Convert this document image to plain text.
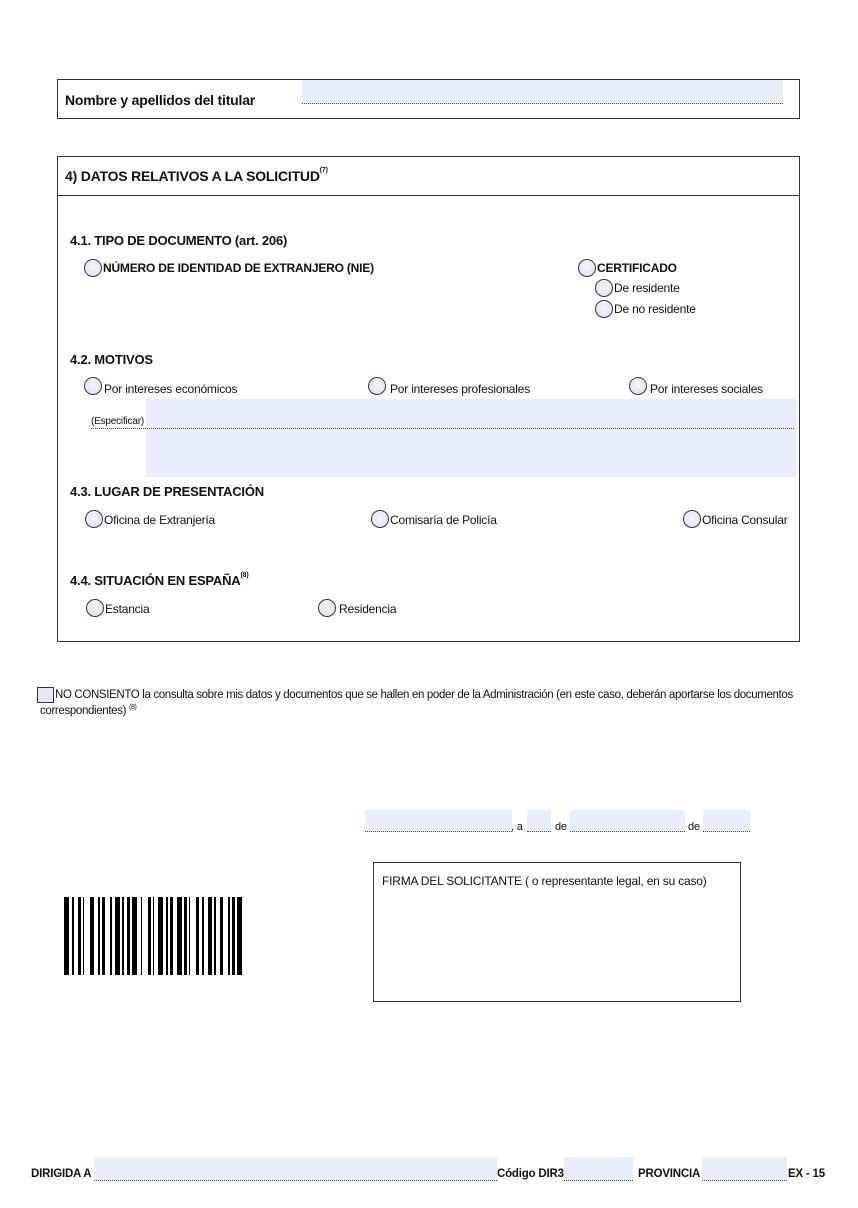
Nombre y apellidos del titular
4) DATOS RELATIVOS A LA SOLICITUD$^{(7)}$
4.1. TIPO DE DOCUMENTO (art. 206)
NÚMERO DE IDENTIDAD DE EXTRANJERO (NIE)	CERTIFICADO
De residente
De no residente
4.2. MOTIVOS
Por intereses económicos	Por intereses profesionales	Por intereses sociales
(Especificar)
4.3. LUGAR DE PRESENTACIÓN
Oficina de Extranjería	Comisaría de Policía	Oficina Consular
4.4. SITUACIÓN EN ESPAÑA$^{(8)}$
Estancia	Residencia
NO CONSIENTO la consulta sobre mis datos y documentos que se hallen en poder de la Administración (en este caso, deberán aportarse los documentos
correspondientes) $^{(8)}$
, a	de	de
FIRMA DEL SOLICITANTE ( o representante legal, en su caso)
DIRIGIDA A	Código DIR3	PROVINCIA	EX - 15
